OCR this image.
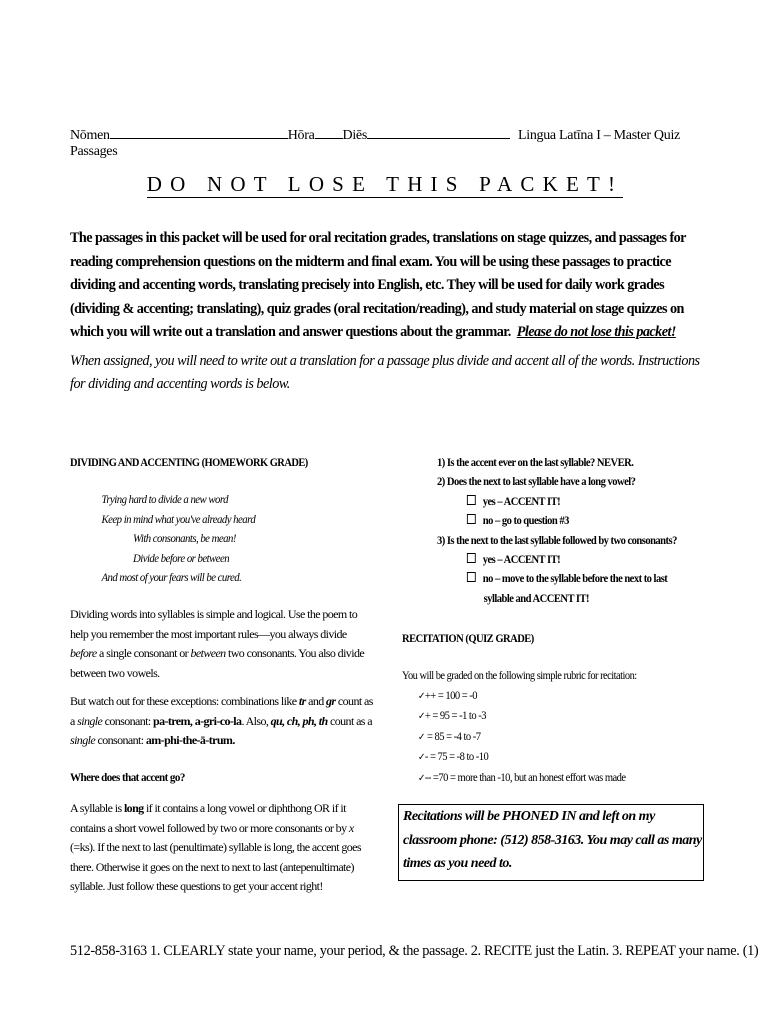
Nōmen	Hōra Diēs	Lingua Latīna I – Master Quiz Passages
DO NOT LOSE THIS PACKET!
The passages in this packet will be used for oral recitation grades, translations on stage quizzes, and passages for reading comprehension questions on the midterm and final exam. You will be using these passages to practice dividing and accenting words, translating precisely into English, etc. They will be used for daily work grades (dividing & accenting; translating), quiz grades (oral recitation/reading), and study material on stage quizzes on which you will write out a translation and answer questions about the grammar. Please do not lose this packet!
When assigned, you will need to write out a translation for a passage plus divide and accent all of the words. Instructions for dividing and accenting words is below.
DIVIDING AND ACCENTING (HOMEWORK GRADE)
Trying hard to divide a new word
Keep in mind what you've already heard
With consonants, be mean!
Divide before or between
And most of your fears will be cured.
Dividing words into syllables is simple and logical. Use the poem to help you remember the most important rules—you always divide before a single consonant or between two consonants. You also divide between two vowels.
But watch out for these exceptions: combinations like tr and gr count as a single consonant: pa-trem, a-gri-co-la. Also, qu, ch, ph, th count as a single consonant: am-phi-the-ā-trum.
Where does that accent go?
A syllable is long if it contains a long vowel or diphthong OR if it contains a short vowel followed by two or more consonants or by x (=ks). If the next to last (penultimate) syllable is long, the accent goes there. Otherwise it goes on the next to next to last (antepenultimate) syllable. Just follow these questions to get your accent right!
1) Is the accent ever on the last syllable? NEVER.
2) Does the next to last syllable have a long vowel?
yes – ACCENT IT!
no – go to question #3
3) Is the next to the last syllable followed by two consonants?
yes – ACCENT IT!
no – move to the syllable before the next to last
syllable and ACCENT IT!
RECITATION (QUIZ GRADE)
You will be graded on the following simple rubric for recitation:
✓++ = 100 = -0
✓+ = 95 = -1 to -3
✓ = 85 = -4 to -7
✓- = 75 = -8 to -10
✓-- =70 = more than -10, but an honest effort was made
Recitations will be PHONED IN and left on my classroom phone: (512) 858-3163. You may call as many times as you need to.
512-858-3163 1. CLEARLY state your name, your period, & the passage. 2. RECITE just the Latin. 3. REPEAT your name. (1)
